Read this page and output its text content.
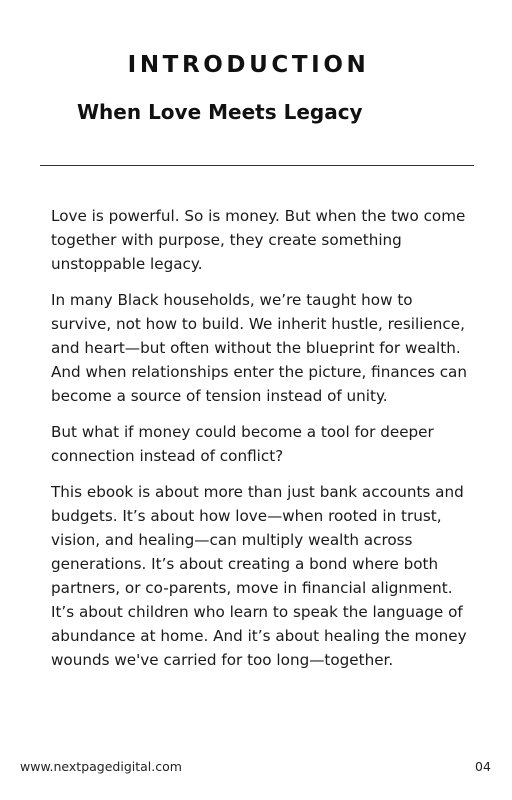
INTRODUCTION
When Love Meets Legacy

Love is powerful. So is money. But when the two come together with purpose, they create something unstoppable legacy.

In many Black households, we’re taught how to survive, not how to build. We inherit hustle, resilience, and heart—but often without the blueprint for wealth. And when relationships enter the picture, finances can become a source of tension instead of unity.

But what if money could become a tool for deeper connection instead of conflict?

This ebook is about more than just bank accounts and budgets. It’s about how love—when rooted in trust, vision, and healing—can multiply wealth across generations. It’s about creating a bond where both partners, or co-parents, move in financial alignment. It’s about children who learn to speak the language of abundance at home. And it’s about healing the money wounds we've carried for too long—together.

www.nextpagedigital.com	04
